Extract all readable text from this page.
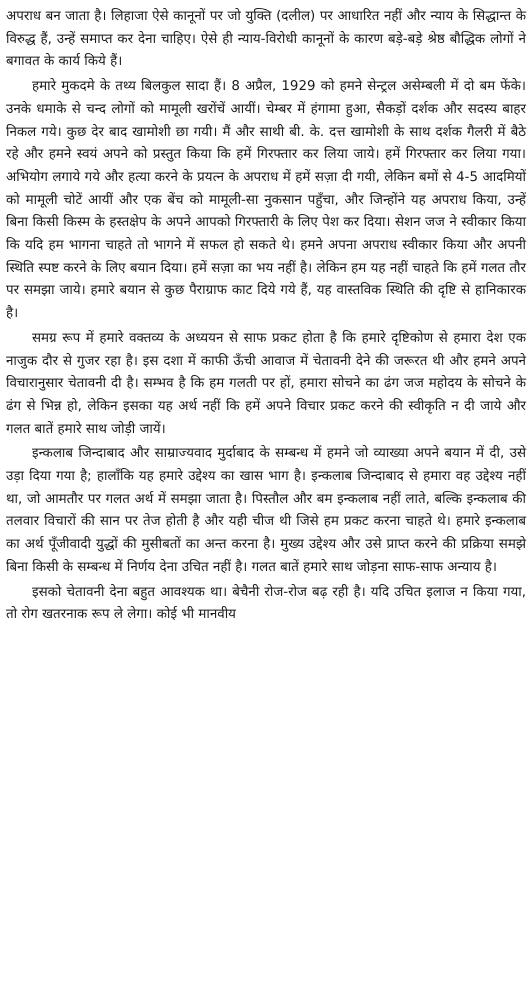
अपराध बन जाता है। लिहाजा ऐसे कानूनों पर जो युक्ति (दलील) पर आधारित नहीं और न्याय के सिद्धान्त के विरुद्ध हैं, उन्हें समाप्त कर देना चाहिए। ऐसे ही न्याय-विरोधी कानूनों के कारण बड़े-बड़े श्रेष्ठ बौद्धिक लोगों ने बगावत के कार्य किये हैं।

हमारे मुकदमे के तथ्य बिलकुल सादा हैं। 8 अप्रैल, 1929 को हमने सेन्ट्रल असेम्बली में दो बम फेंके। उनके धमाके से चन्द लोगों को मामूली खरोंचें आयीं। चेम्बर में हंगामा हुआ, सैकड़ों दर्शक और सदस्य बाहर निकल गये। कुछ देर बाद खामोशी छा गयी। मैं और साथी बी. के. दत्त खामोशी के साथ दर्शक गैलरी में बैठे रहे और हमने स्वयं अपने को प्रस्तुत किया कि हमें गिरफ्तार कर लिया जाये। हमें गिरफ्तार कर लिया गया। अभियोग लगाये गये और हत्या करने के प्रयत्न के अपराध में हमें सज़ा दी गयी, लेकिन बमों से 4-5 आदमियों को मामूली चोटें आयीं और एक बेंच को मामूली-सा नुकसान पहुँचा, और जिन्होंने यह अपराध किया, उन्हें बिना किसी किस्म के हस्तक्षेप के अपने आपको गिरफ्तारी के लिए पेश कर दिया। सेशन जज ने स्वीकार किया कि यदि हम भागना चाहते तो भागने में सफल हो सकते थे। हमने अपना अपराध स्वीकार किया और अपनी स्थिति स्पष्ट करने के लिए बयान दिया। हमें सज़ा का भय नहीं है। लेकिन हम यह नहीं चाहते कि हमें गलत तौर पर समझा जाये। हमारे बयान से कुछ पैराग्राफ काट दिये गये हैं, यह वास्तविक स्थिति की दृष्टि से हानिकारक है।

समग्र रूप में हमारे वक्तव्य के अध्ययन से साफ प्रकट होता है कि हमारे दृष्टिकोण से हमारा देश एक नाजुक दौर से गुजर रहा है। इस दशा में काफी ऊँची आवाज में चेतावनी देने की जरूरत थी और हमने अपने विचारानुसार चेतावनी दी है। सम्भव है कि हम गलती पर हों, हमारा सोचने का ढंग जज महोदय के सोचने के ढंग से भिन्न हो, लेकिन इसका यह अर्थ नहीं कि हमें अपने विचार प्रकट करने की स्वीकृति न दी जाये और गलत बातें हमारे साथ जोड़ी जायें।

इन्कलाब जिन्दाबाद और साम्राज्यवाद मुर्दाबाद के सम्बन्ध में हमने जो व्याख्या अपने बयान में दी, उसे उड़ा दिया गया है; हालाँकि यह हमारे उद्देश्य का खास भाग है। इन्कलाब जिन्दाबाद से हमारा वह उद्देश्य नहीं था, जो आमतौर पर गलत अर्थ में समझा जाता है। पिस्तौल और बम इन्कलाब नहीं लाते, बल्कि इन्कलाब की तलवार विचारों की सान पर तेज होती है और यही चीज थी जिसे हम प्रकट करना चाहते थे। हमारे इन्कलाब का अर्थ पूँजीवादी युद्धों की मुसीबतों का अन्त करना है। मुख्य उद्देश्य और उसे प्राप्त करने की प्रक्रिया समझे बिना किसी के सम्बन्ध में निर्णय देना उचित नहीं है। गलत बातें हमारे साथ जोड़ना साफ-साफ अन्याय है।

इसको चेतावनी देना बहुत आवश्यक था। बेचैनी रोज-रोज बढ़ रही है। यदि उचित इलाज न किया गया, तो रोग खतरनाक रूप ले लेगा। कोई भी मानवीय
